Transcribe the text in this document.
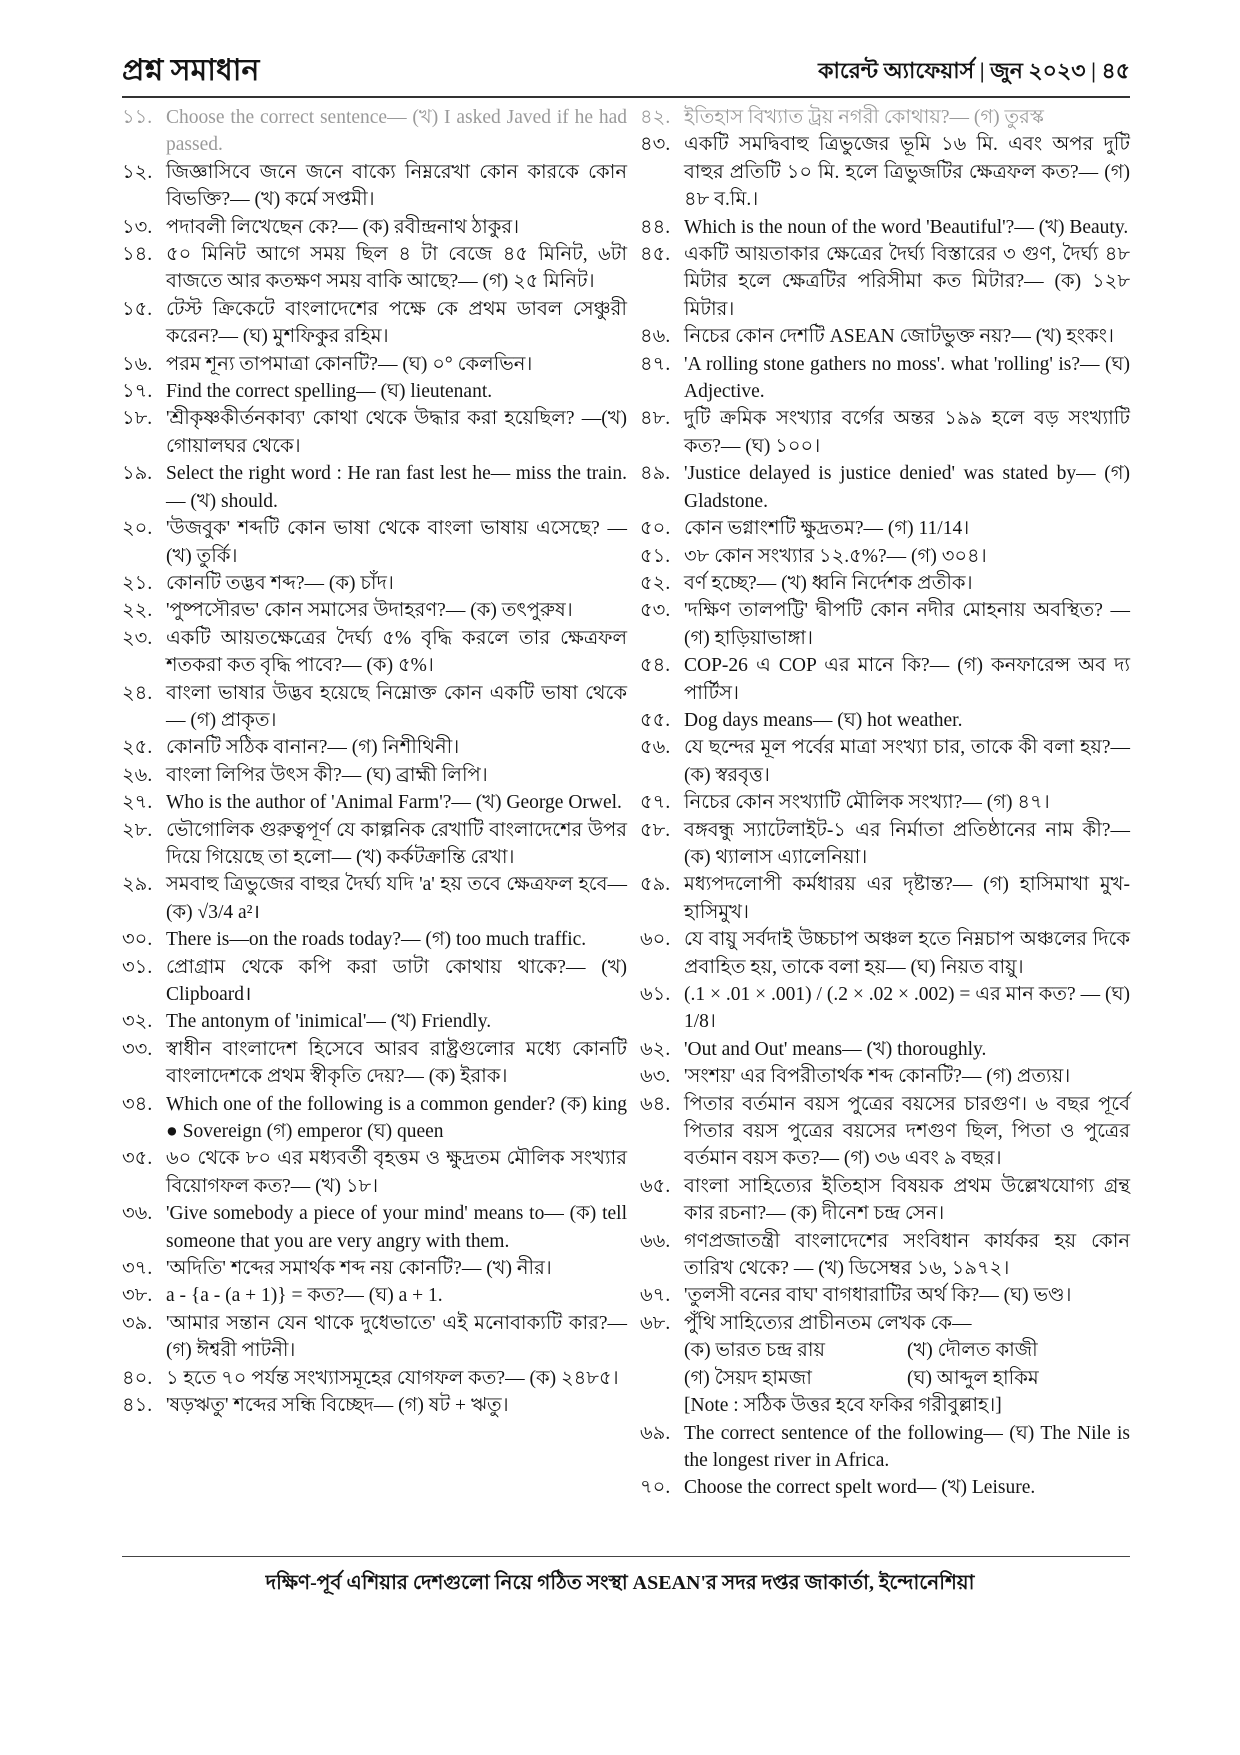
প্রশ্ন সমাধান	কারেন্ট অ্যাফেয়ার্স | জুন ২০২৩ | ৪৫
১১. Choose the correct sentence— (খ) I asked Javed if he had passed.
১২. জিজ্ঞাসিবে জনে জনে বাক্যে নিম্নরেখা কোন কারকে কোন বিভক্তি?— (খ) কর্মে সপ্তমী।
১৩. পদাবলী লিখেছেন কে?— (ক) রবীন্দ্রনাথ ঠাকুর।
১৪. ৫০ মিনিট আগে সময় ছিল ৪ টা বেজে ৪৫ মিনিট, ৬টা বাজতে আর কতক্ষণ সময় বাকি আছে?— (গ) ২৫ মিনিট।
১৫. টেস্ট ক্রিকেটে বাংলাদেশের পক্ষে কে প্রথম ডাবল সেঞ্চুরী করেন?— (ঘ) মুশফিকুর রহিম।
১৬. পরম শূন্য তাপমাত্রা কোনটি?— (ঘ) ০° কেলভিন।
১৭. Find the correct spelling— (ঘ) lieutenant.
১৮. 'শ্রীকৃষ্ণকীর্তনকাব্য' কোথা থেকে উদ্ধার করা হয়েছিল? —(খ) গোয়ালঘর থেকে।
১৯. Select the right word : He ran fast lest he— miss the train.— (খ) should.
২০. 'উজবুক' শব্দটি কোন ভাষা থেকে বাংলা ভাষায় এসেছে? —(খ) তুর্কি।
২১. কোনটি তদ্ভব শব্দ?— (ক) চাঁদ।
২২. 'পুষ্পসৌরভ' কোন সমাসের উদাহরণ?— (ক) তৎপুরুষ।
২৩. একটি আয়তক্ষেত্রের দৈর্ঘ্য ৫% বৃদ্ধি করলে তার ক্ষেত্রফল শতকরা কত বৃদ্ধি পাবে?— (ক) ৫%।
২৪. বাংলা ভাষার উদ্ভব হয়েছে নিম্নোক্ত কোন একটি ভাষা থেকে— (গ) প্রাকৃত।
২৫. কোনটি সঠিক বানান?— (গ) নিশীথিনী।
২৬. বাংলা লিপির উৎস কী?— (ঘ) ব্রাহ্মী লিপি।
২৭. Who is the author of 'Animal Farm'?— (খ) George Orwel.
২৮. ভৌগোলিক গুরুত্বপূর্ণ যে কাল্পনিক রেখাটি বাংলাদেশের উপর দিয়ে গিয়েছে তা হলো— (খ) কর্কটক্রান্তি রেখা।
২৯. সমবাহু ত্রিভুজের বাহুর দৈর্ঘ্য যদি 'a' হয় তবে ক্ষেত্রফল হবে— (ক) √3/4 a²।
৩০. There is—on the roads today?— (গ) too much traffic.
৩১. প্রোগ্রাম থেকে কপি করা ডাটা কোথায় থাকে?— (খ) Clipboard।
৩২. The antonym of 'inimical'— (খ) Friendly.
৩৩. স্বাধীন বাংলাদেশ হিসেবে আরব রাষ্ট্রগুলোর মধ্যে কোনটি বাংলাদেশকে প্রথম স্বীকৃতি দেয়?— (ক) ইরাক।
৩৪. Which one of the following is a common gender? (ক) king ● Sovereign (গ) emperor (ঘ) queen
৩৫. ৬০ থেকে ৮০ এর মধ্যবর্তী বৃহত্তম ও ক্ষুদ্রতম মৌলিক সংখ্যার বিয়োগফল কত?— (খ) ১৮।
৩৬. 'Give somebody a piece of your mind' means to— (ক) tell someone that you are very angry with them.
৩৭. 'অদিতি' শব্দের সমার্থক শব্দ নয় কোনটি?— (খ) নীর।
৩৮. a - {a - (a + 1)} = কত?— (ঘ) a + 1.
৩৯. 'আমার সন্তান যেন থাকে দুধেভাতে' এই মনোবাক্যটি কার?— (গ) ঈশ্বরী পাটনী।
৪০. ১ হতে ৭০ পর্যন্ত সংখ্যাসমূহের যোগফল কত?— (ক) ২৪৮৫।
৪১. 'ষড়ঋতু' শব্দের সন্ধি বিচ্ছেদ— (গ) ষট + ঋতু।
৪২. ইতিহাস বিখ্যাত ট্রয় নগরী কোথায়?— (গ) তুরস্ক
৪৩. একটি সমদ্বিবাহু ত্রিভুজের ভূমি ১৬ মি. এবং অপর দুটি বাহুর প্রতিটি ১০ মি. হলে ত্রিভুজটির ক্ষেত্রফল কত?— (গ) ৪৮ ব.মি.।
৪৪. Which is the noun of the word 'Beautiful'?— (খ) Beauty.
৪৫. একটি আয়তাকার ক্ষেত্রের দৈর্ঘ্য বিস্তারের ৩ গুণ, দৈর্ঘ্য ৪৮ মিটার হলে ক্ষেত্রটির পরিসীমা কত মিটার?— (ক) ১২৮ মিটার।
৪৬. নিচের কোন দেশটি ASEAN জোটভুক্ত নয়?— (খ) হংকং।
৪৭. 'A rolling stone gathers no moss'. what 'rolling' is?— (ঘ) Adjective.
৪৮. দুটি ক্রমিক সংখ্যার বর্গের অন্তর ১৯৯ হলে বড় সংখ্যাটি কত?— (ঘ) ১০০।
৪৯. 'Justice delayed is justice denied' was stated by— (গ) Gladstone.
৫০. কোন ভগ্নাংশটি ক্ষুদ্রতম?— (গ) 11/14।
৫১. ৩৮ কোন সংখ্যার ১২.৫%?— (গ) ৩০৪।
৫২. বর্ণ হচ্ছে?— (খ) ধ্বনি নির্দেশক প্রতীক।
৫৩. 'দক্ষিণ তালপট্টি' দ্বীপটি কোন নদীর মোহনায় অবস্থিত? — (গ) হাড়িয়াভাঙ্গা।
৫৪. COP-26 এ COP এর মানে কি?— (গ) কনফারেন্স অব দ্য পার্টিস।
৫৫. Dog days means— (ঘ) hot weather.
৫৬. যে ছন্দের মূল পর্বের মাত্রা সংখ্যা চার, তাকে কী বলা হয়?— (ক) স্বরবৃত্ত।
৫৭. নিচের কোন সংখ্যাটি মৌলিক সংখ্যা?— (গ) ৪৭।
৫৮. বঙ্গবন্ধু স্যাটেলাইট-১ এর নির্মাতা প্রতিষ্ঠানের নাম কী?— (ক) থ্যালাস এ্যালেনিয়া।
৫৯. মধ্যপদলোপী কর্মধারয় এর দৃষ্টান্ত?— (গ) হাসিমাখা মুখ-হাসিমুখ।
৬০. যে বায়ু সর্বদাই উচ্চচাপ অঞ্চল হতে নিম্নচাপ অঞ্চলের দিকে প্রবাহিত হয়, তাকে বলা হয়— (ঘ) নিয়ত বায়ু।
৬১. (.1 × .01 × .001) / (.2 × .02 × .002) = এর মান কত? — (ঘ) 1/8।
৬২. 'Out and Out' means— (খ) thoroughly.
৬৩. 'সংশয়' এর বিপরীতার্থক শব্দ কোনটি?— (গ) প্রত্যয়।
৬৪. পিতার বর্তমান বয়স পুত্রের বয়সের চারগুণ। ৬ বছর পূর্বে পিতার বয়স পুত্রের বয়সের দশগুণ ছিল, পিতা ও পুত্রের বর্তমান বয়স কত?— (গ) ৩৬ এবং ৯ বছর।
৬৫. বাংলা সাহিত্যের ইতিহাস বিষয়ক প্রথম উল্লেখযোগ্য গ্রন্থ কার রচনা?— (ক) দীনেশ চন্দ্র সেন।
৬৬. গণপ্রজাতন্ত্রী বাংলাদেশের সংবিধান কার্যকর হয় কোন তারিখ থেকে? — (খ) ডিসেম্বর ১৬, ১৯৭২।
৬৭. 'তুলসী বনের বাঘ' বাগধারাটির অর্থ কি?— (ঘ) ভণ্ড।
৬৮. পুঁথি সাহিত্যের প্রাচীনতম লেখক কে—
(ক) ভারত চন্দ্র রায়	(খ) দৌলত কাজী
(গ) সৈয়দ হামজা	(ঘ) আব্দুল হাকিম
[Note : সঠিক উত্তর হবে ফকির গরীবুল্লাহ।]
৬৯. The correct sentence of the following— (ঘ) The Nile is the longest river in Africa.
৭০. Choose the correct spelt word— (খ) Leisure.
দক্ষিণ-পূর্ব এশিয়ার দেশগুলো নিয়ে গঠিত সংস্থা ASEAN'র সদর দপ্তর জাকার্তা, ইন্দোনেশিয়া
